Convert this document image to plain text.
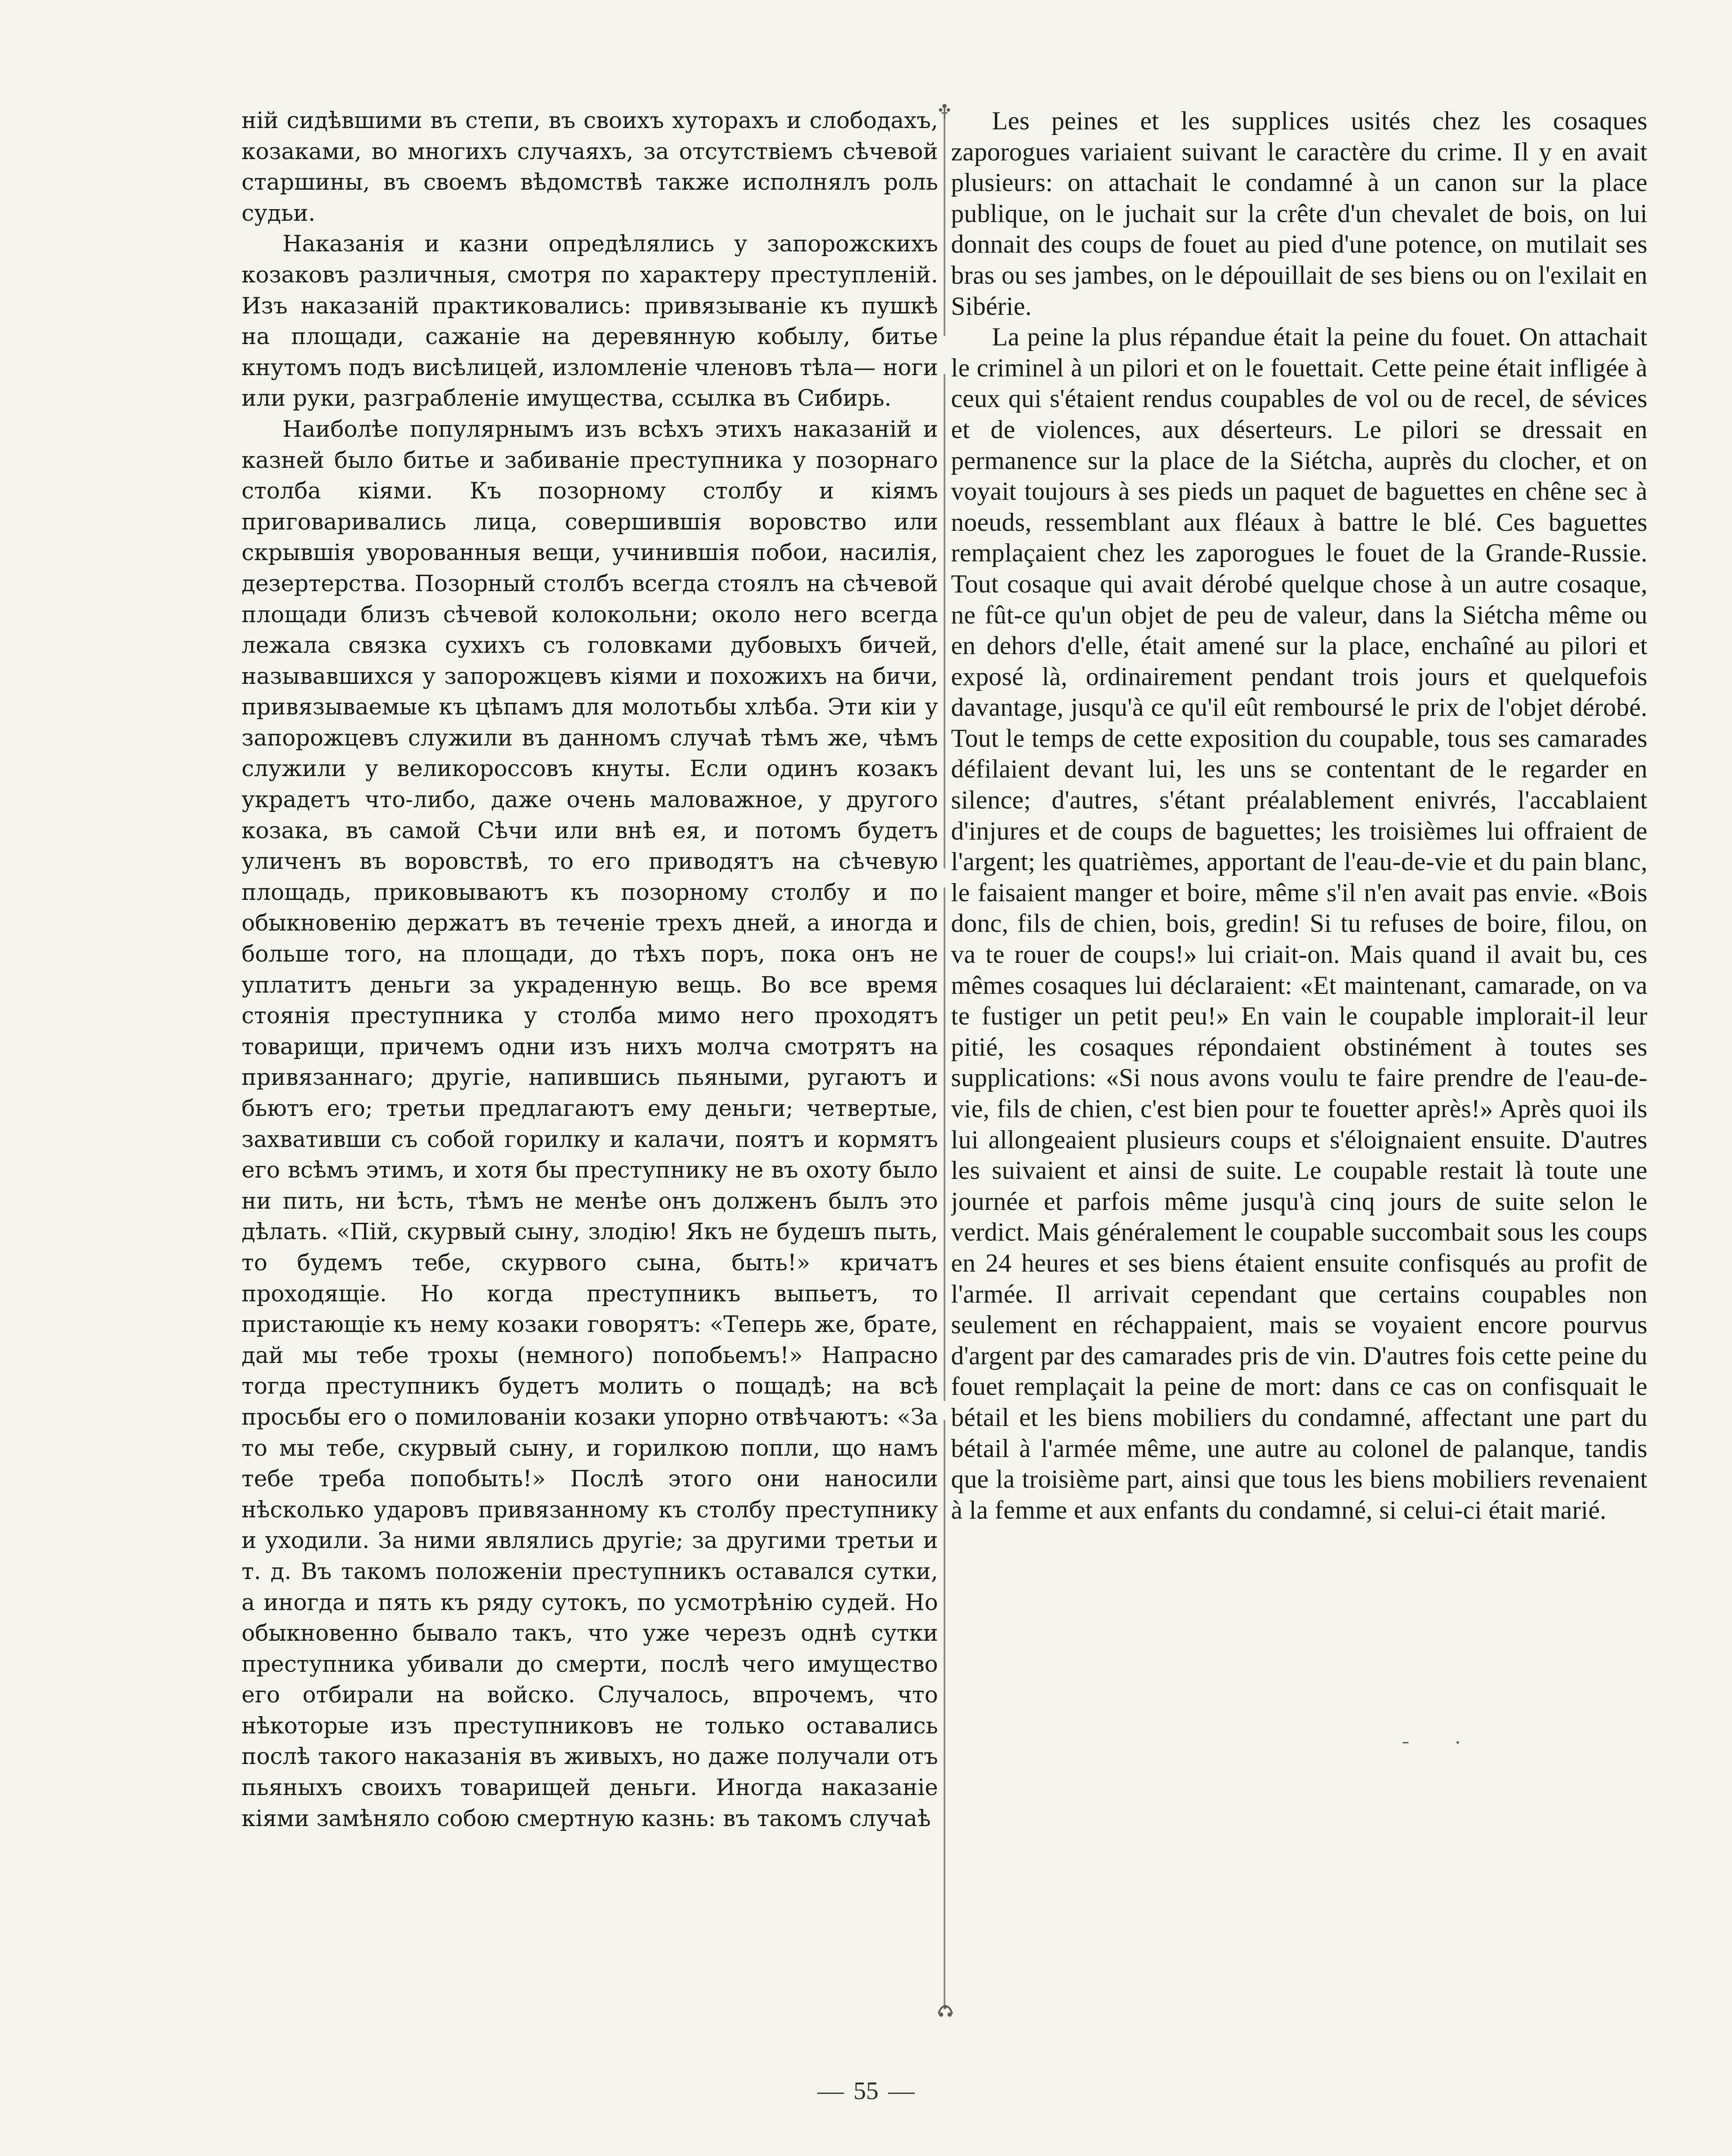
ній сидѣвшими въ степи, въ своихъ хуторахъ и слободахъ, козаками, во многихъ случаяхъ, за отсутствіемъ сѣчевой старшины, въ своемъ вѣдомствѣ также исполнялъ роль судьи.

Наказанія и казни опредѣлялись у запорожскихъ козаковъ различныя, смотря по характеру преступленій. Изъ наказаній практиковались: привязываніе къ пушкѣ на площади, сажаніе на деревянную кобылу, битье кнутомъ подъ висѣлицей, изломленіе членовъ тѣла— ноги или руки, разграбленіе имущества, ссылка въ Сибирь.

Наиболѣе популярнымъ изъ всѣхъ этихъ наказаній и казней было битье и забиваніе преступника у позорнаго столба кіями. Къ позорному столбу и кіямъ приговаривались лица, совершившія воровство или скрывшія уворованныя вещи, учинившія побои, насилія, дезертерства. Позорный столбъ всегда стоялъ на сѣчевой площади близъ сѣчевой колокольни; около него всегда лежала связка сухихъ съ головками дубовыхъ бичей, называвшихся у запорожцевъ кіями и похожихъ на бичи, привязываемые къ цѣпамъ для молотьбы хлѣба. Эти кіи у запорожцевъ служили въ данномъ случаѣ тѣмъ же, чѣмъ служили у великороссовъ кнуты. Если одинъ козакъ украдетъ что-либо, даже очень маловажное, у другого козака, въ самой Сѣчи или внѣ ея, и потомъ будетъ уличенъ въ воровствѣ, то его приводятъ на сѣчевую площадь, приковываютъ къ позорному столбу и по обыкновенію держатъ въ теченіе трехъ дней, а иногда и больше того, на площади, до тѣхъ поръ, пока онъ не уплатитъ деньги за украденную вещь. Во все время стоянія преступника у столба мимо него проходятъ товарищи, причемъ одни изъ нихъ молча смотрятъ на привязаннаго; другіе, напившись пьяными, ругаютъ и бьютъ его; третьи предлагаютъ ему деньги; четвертые, захвативши съ собой горилку и калачи, поятъ и кормятъ его всѣмъ этимъ, и хотя бы преступнику не въ охоту было ни пить, ни ѣсть, тѣмъ не менѣе онъ долженъ былъ это дѣлать. «Пій, скурвый сыну, злодію! Якъ не будешъ пыть, то будемъ тебе, скурвого сына, быть!» кричатъ проходящіе. Но когда преступникъ выпьетъ, то пристающіе къ нему козаки говорятъ: «Теперь же, брате, дай мы тебе трохы (немного) попобьемъ!» Напрасно тогда преступникъ будетъ молить о пощадѣ; на всѣ просьбы его о помилованіи козаки упорно отвѣчаютъ: «За то мы тебе, скурвый сыну, и горилкою попли, що намъ тебе треба попобыть!» Послѣ этого они наносили нѣсколько ударовъ привязанному къ столбу преступнику и уходили. За ними являлись другіе; за другими третьи и т. д. Въ такомъ положеніи преступникъ оставался сутки, а иногда и пять къ ряду сутокъ, по усмотрѣнію судей. Но обыкновенно бывало такъ, что уже черезъ однѣ сутки преступника убивали до смерти, послѣ чего имущество его отбирали на войско. Случалось, впрочемъ, что нѣкоторые изъ преступниковъ не только оставались послѣ такого наказанія въ живыхъ, но даже получали отъ пьяныхъ своихъ товарищей деньги. Иногда наказаніе кіями замѣняло собою смертную казнь: въ такомъ случаѣ

Les peines et les supplices usités chez les cosaques zaporogues variaient suivant le caractère du crime. Il y en avait plusieurs: on attachait le condamné à un canon sur la place publique, on le juchait sur la crête d'un chevalet de bois, on lui donnait des coups de fouet au pied d'une potence, on mutilait ses bras ou ses jambes, on le dépouillait de ses biens ou on l'exilait en Sibérie.

La peine la plus répandue était la peine du fouet. On attachait le criminel à un pilori et on le fouettait. Cette peine était infligée à ceux qui s'étaient rendus coupables de vol ou de recel, de sévices et de violences, aux déserteurs. Le pilori se dressait en permanence sur la place de la Siétcha, auprès du clocher, et on voyait toujours à ses pieds un paquet de baguettes en chêne sec à noeuds, ressemblant aux fléaux à battre le blé. Ces baguettes remplaçaient chez les zaporogues le fouet de la Grande-Russie. Tout cosaque qui avait dérobé quelque chose à un autre cosaque, ne fût-ce qu'un objet de peu de valeur, dans la Siétcha même ou en dehors d'elle, était amené sur la place, enchaîné au pilori et exposé là, ordinairement pendant trois jours et quelquefois davantage, jusqu'à ce qu'il eût remboursé le prix de l'objet dérobé. Tout le temps de cette exposition du coupable, tous ses camarades défilaient devant lui, les uns se contentant de le regarder en silence; d'autres, s'étant préalablement enivrés, l'accablaient d'injures et de coups de baguettes; les troisièmes lui offraient de l'argent; les quatrièmes, apportant de l'eau-de-vie et du pain blanc, le faisaient manger et boire, même s'il n'en avait pas envie. «Bois donc, fils de chien, bois, gredin! Si tu refuses de boire, filou, on va te rouer de coups!» lui criait-on. Mais quand il avait bu, ces mêmes cosaques lui déclaraient: «Et maintenant, camarade, on va te fustiger un petit peu!» En vain le coupable implorait-il leur pitié, les cosaques répondaient obstinément à toutes ses supplications: «Si nous avons voulu te faire prendre de l'eau-de-vie, fils de chien, c'est bien pour te fouetter après!» Après quoi ils lui allongeaient plusieurs coups et s'éloignaient ensuite. D'autres les suivaient et ainsi de suite. Le coupable restait là toute une journée et parfois même jusqu'à cinq jours de suite selon le verdict. Mais généralement le coupable succombait sous les coups en 24 heures et ses biens étaient ensuite confisqués au profit de l'armée. Il arrivait cependant que certains coupables non seulement en réchappaient, mais se voyaient encore pourvus d'argent par des camarades pris de vin. D'autres fois cette peine du fouet remplaçait la peine de mort: dans ce cas on confisquait le bétail et les biens mobiliers du condamné, affectant une part du bétail à l'armée même, une autre au colonel de palanque, tandis que la troisième part, ainsi que tous les biens mobiliers revenaient à la femme et aux enfants du condamné, si celui-ci était marié.

55
